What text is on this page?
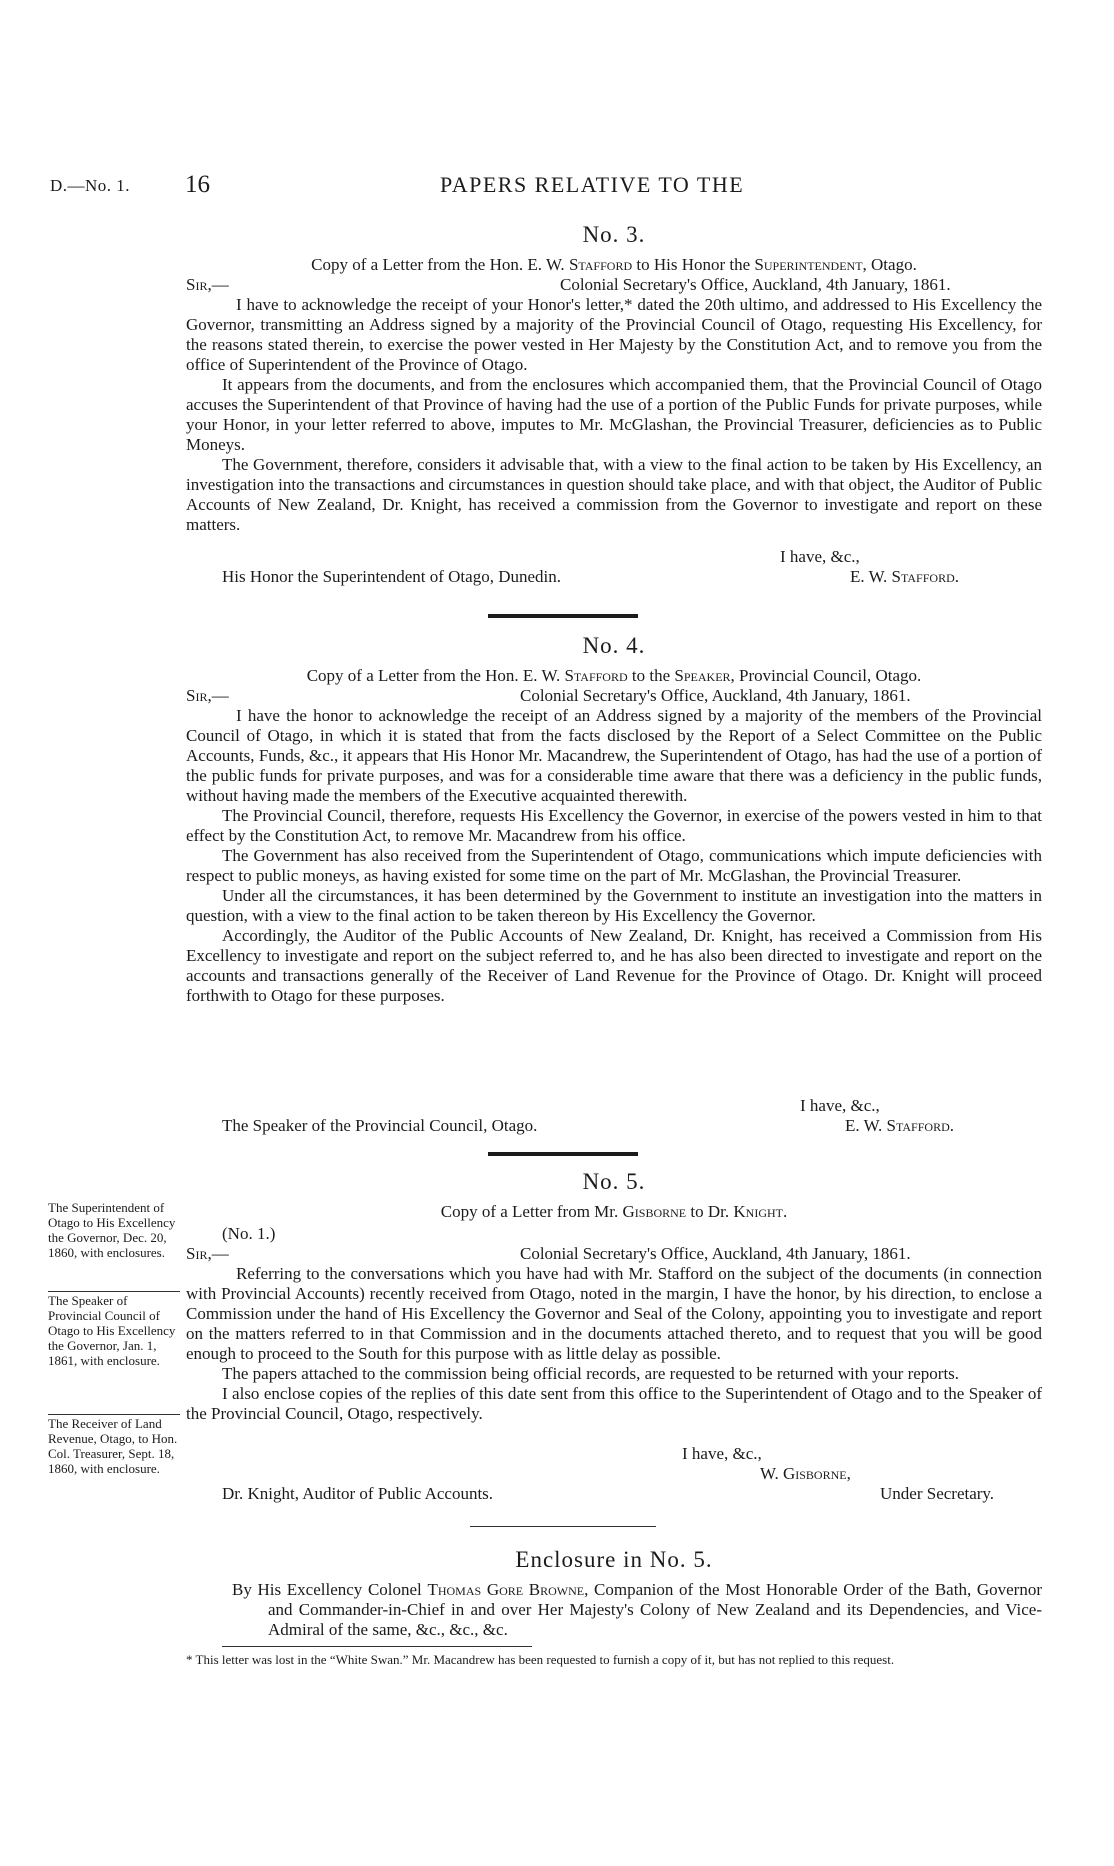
D.—No. 1. 16	PAPERS RELATIVE TO THE
No. 3.
Copy of a Letter from the Hon. E. W. Stafford to His Honor the Superintendent, Otago.
Sir,—	Colonial Secretary's Office, Auckland, 4th January, 1861.

I have to acknowledge the receipt of your Honor's letter,* dated the 20th ultimo, and addressed to His Excellency the Governor, transmitting an Address signed by a majority of the Provincial Council of Otago, requesting His Excellency, for the reasons stated therein, to exercise the power vested in Her Majesty by the Constitution Act, and to remove you from the office of Superintendent of the Province of Otago.

It appears from the documents, and from the enclosures which accompanied them, that the Provincial Council of Otago accuses the Superintendent of that Province of having had the use of a portion of the Public Funds for private purposes, while your Honor, in your letter referred to above, imputes to Mr. McGlashan, the Provincial Treasurer, deficiencies as to Public Moneys.

The Government, therefore, considers it advisable that, with a view to the final action to be taken by His Excellency, an investigation into the transactions and circumstances in question should take place, and with that object, the Auditor of Public Accounts of New Zealand, Dr. Knight, has received a commission from the Governor to investigate and report on these matters.

I have, &c.,
His Honor the Superintendent of Otago, Dunedin.	E. W. Stafford.
No. 4.
Copy of a Letter from the Hon. E. W. Stafford to the Speaker, Provincial Council, Otago.
Sir,—	Colonial Secretary's Office, Auckland, 4th January, 1861.

I have the honor to acknowledge the receipt of an Address signed by a majority of the members of the Provincial Council of Otago, in which it is stated that from the facts disclosed by the Report of a Select Committee on the Public Accounts, Funds, &c., it appears that His Honor Mr. Macandrew, the Superintendent of Otago, has had the use of a portion of the public funds for private purposes, and was for a considerable time aware that there was a deficiency in the public funds, without having made the members of the Executive acquainted therewith.

The Provincial Council, therefore, requests His Excellency the Governor, in exercise of the powers vested in him to that effect by the Constitution Act, to remove Mr. Macandrew from his office.

The Government has also received from the Superintendent of Otago, communications which impute deficiencies with respect to public moneys, as having existed for some time on the part of Mr. McGlashan, the Provincial Treasurer.

Under all the circumstances, it has been determined by the Government to institute an investigation into the matters in question, with a view to the final action to be taken thereon by His Excellency the Governor.

Accordingly, the Auditor of the Public Accounts of New Zealand, Dr. Knight, has received a Commission from His Excellency to investigate and report on the subject referred to, and he has also been directed to investigate and report on the accounts and transactions generally of the Receiver of Land Revenue for the Province of Otago. Dr. Knight will proceed forthwith to Otago for these purposes.

I have, &c.,
The Speaker of the Provincial Council, Otago.	E. W. Stafford.
No. 5.
Copy of a Letter from Mr. Gisborne to Dr. Knight.
(No. 1.)
Sir,—	Colonial Secretary's Office, Auckland, 4th January, 1861.

Referring to the conversations which you have had with Mr. Stafford on the subject of the documents (in connection with Provincial Accounts) recently received from Otago, noted in the margin, I have the honor, by his direction, to enclose a Commission under the hand of His Excellency the Governor and Seal of the Colony, appointing you to investigate and report on the matters referred to in that Commission and in the documents attached thereto, and to request that you will be good enough to proceed to the South for this purpose with as little delay as possible.

The papers attached to the commission being official records, are requested to be returned with your reports.

I also enclose copies of the replies of this date sent from this office to the Superintendent of Otago and to the Speaker of the Provincial Council, Otago, respectively.

I have, &c.,
W. Gisborne,
Dr. Knight, Auditor of Public Accounts.	Under Secretary.
The Superintendent of Otago to His Excellency the Governor, Dec. 20, 1860, with enclosures.
The Speaker of Provincial Council of Otago to His Excellency the Governor, Jan. 1, 1861, with enclosure.
The Receiver of Land Revenue, Otago, to Hon. Col. Treasurer, Sept. 18, 1860, with enclosure.
Enclosure in No. 5.
By His Excellency Colonel Thomas Gore Browne, Companion of the Most Honorable Order of the Bath, Governor and Commander-in-Chief in and over Her Majesty's Colony of New Zealand and its Dependencies, and Vice-Admiral of the same, &c., &c., &c.
* This letter was lost in the “White Swan.” Mr. Macandrew has been requested to furnish a copy of it, but has not replied to this request.
